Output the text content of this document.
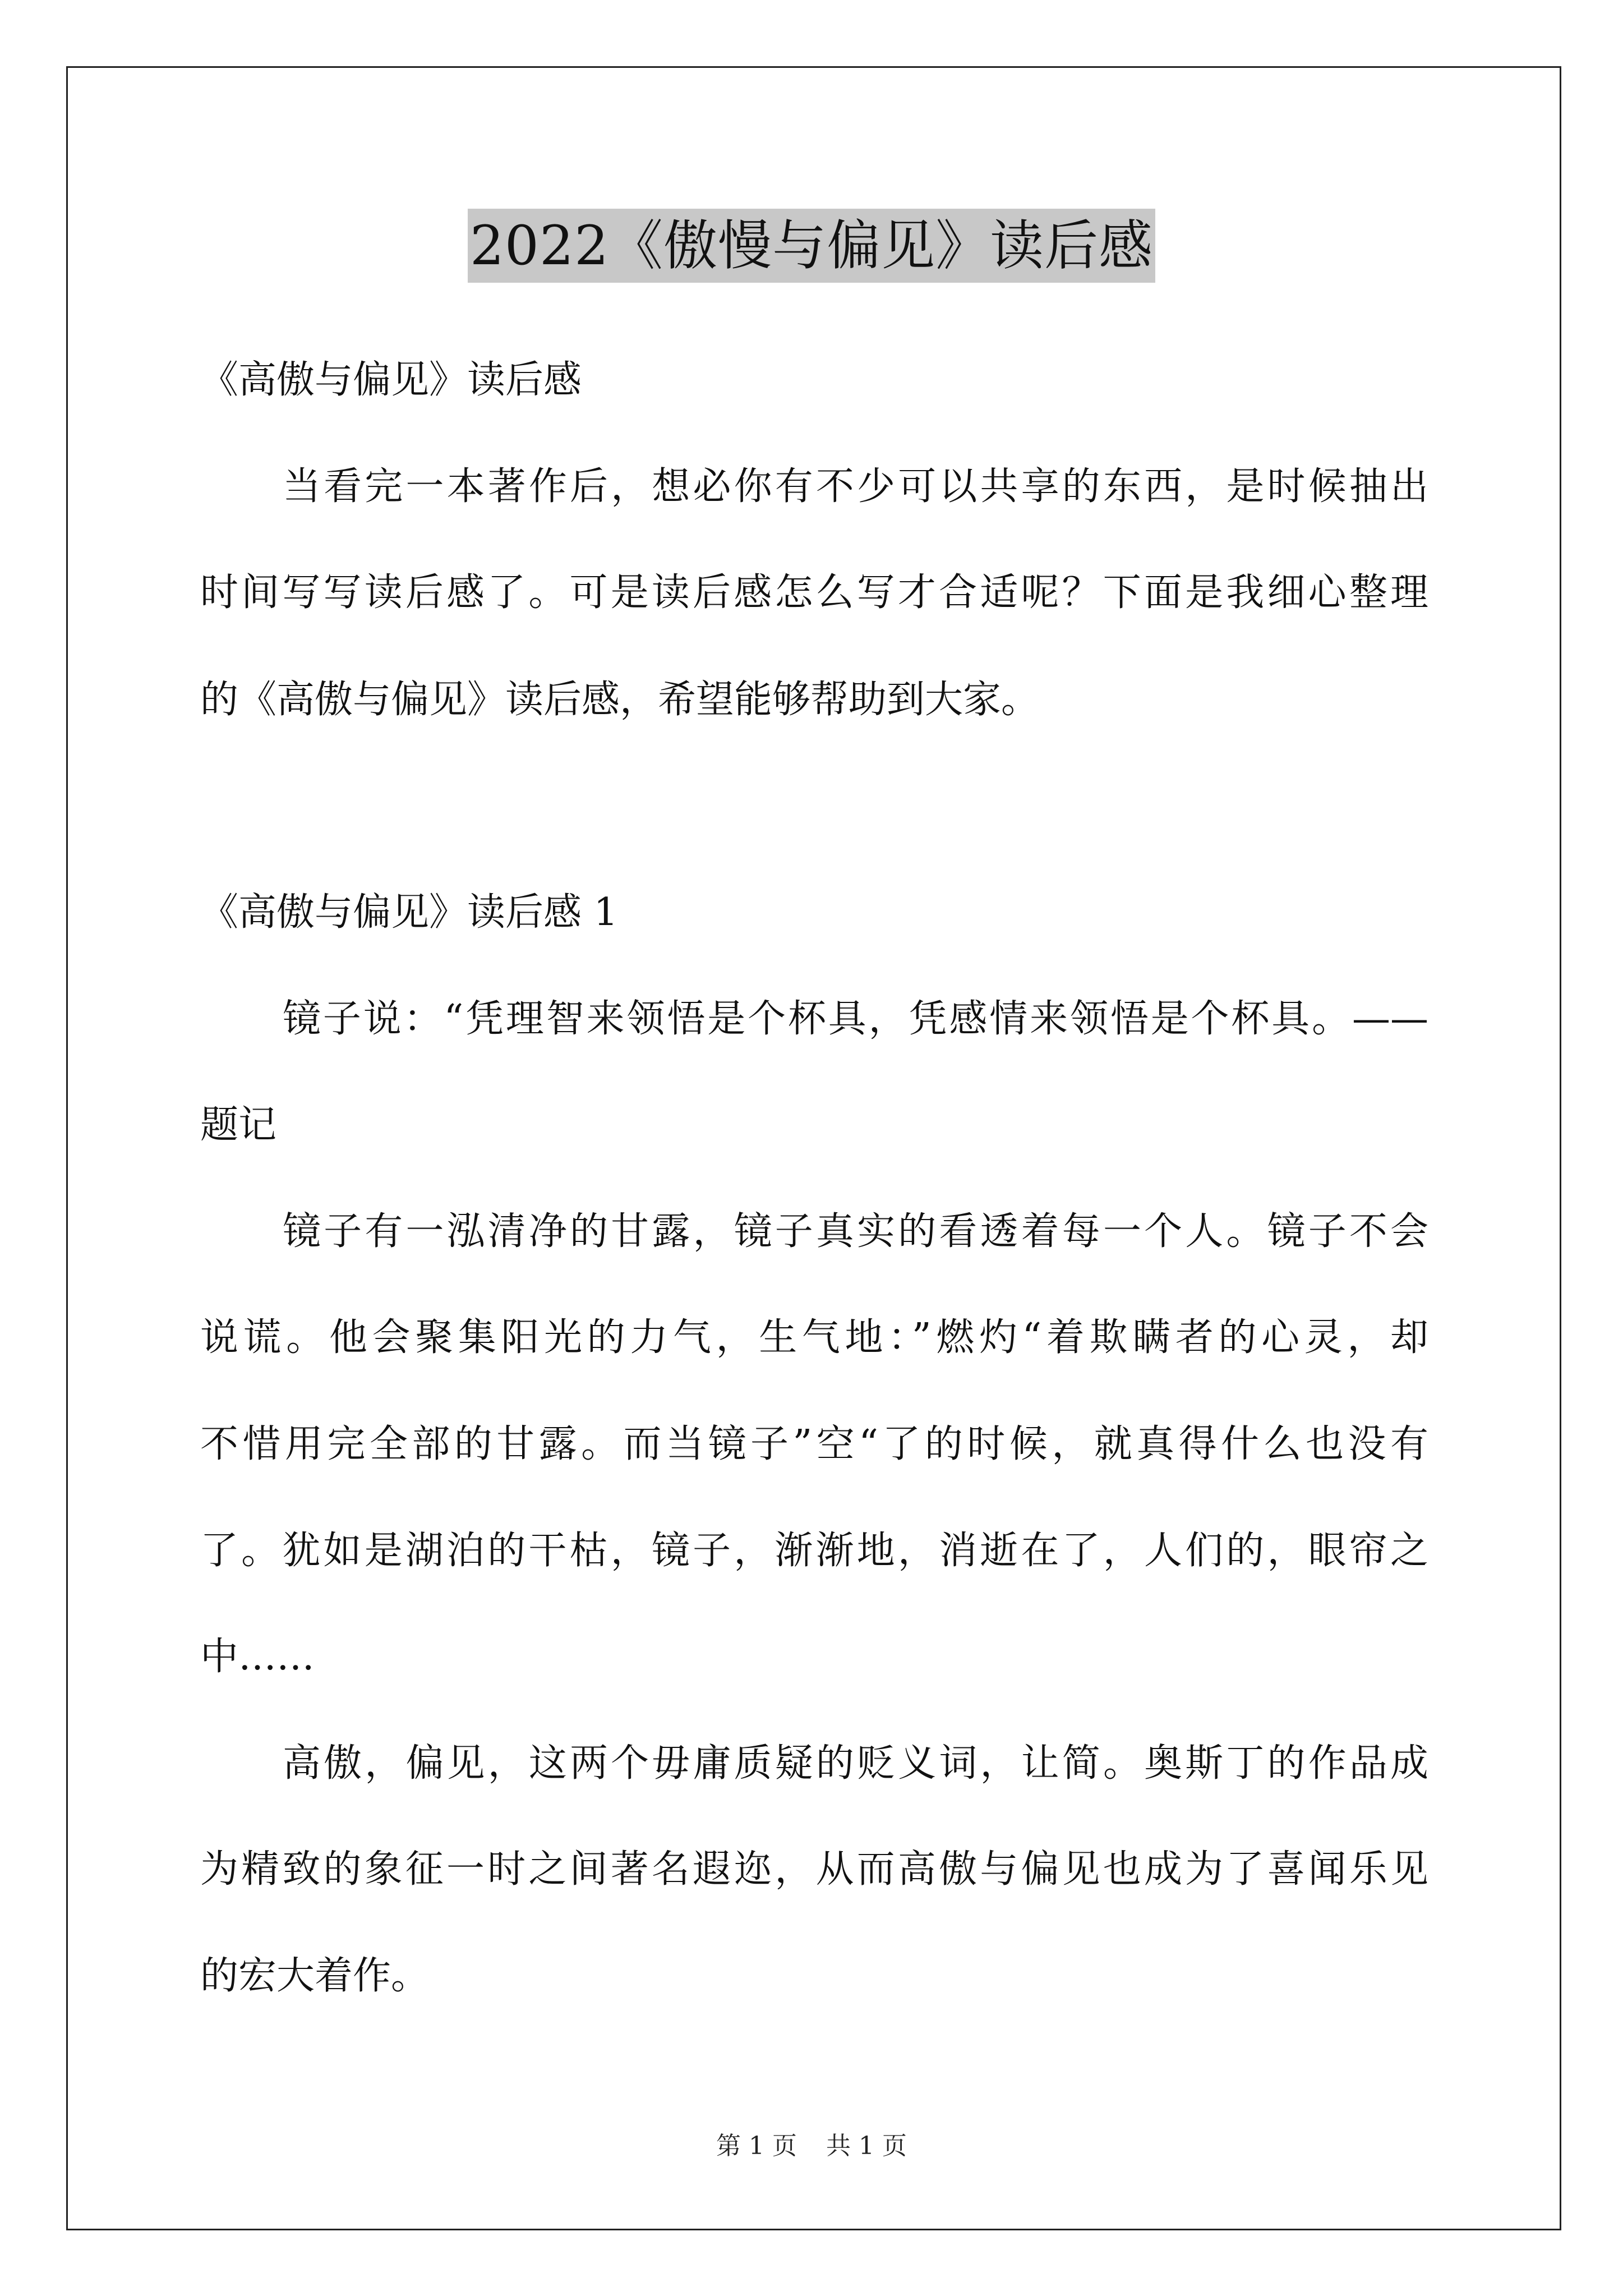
2022《傲慢与偏见》读后感
《高傲与偏见》读后感
当看完一本著作后，想必你有不少可以共享的东西，是时候抽出
时间写写读后感了。可是读后感怎么写才合适呢？下面是我细心整理
的《高傲与偏见》读后感，希望能够帮助到大家。
《高傲与偏见》读后感 1
镜子说：“凭理智来领悟是个杯具，凭感情来领悟是个杯具。——
题记
镜子有一泓清净的甘露，镜子真实的看透着每一个人。镜子不会
说谎。他会聚集阳光的力气，生气地：”燃灼“着欺瞒者的心灵，却
不惜用完全部的甘露。而当镜子”空“了的时候，就真得什么也没有
了。犹如是湖泊的干枯，镜子，渐渐地，消逝在了，人们的，眼帘之
中……
高傲，偏见，这两个毋庸质疑的贬义词，让简。奥斯丁的作品成
为精致的象征一时之间著名遐迩，从而高傲与偏见也成为了喜闻乐见
的宏大着作。
第 1 页 共 1 页
